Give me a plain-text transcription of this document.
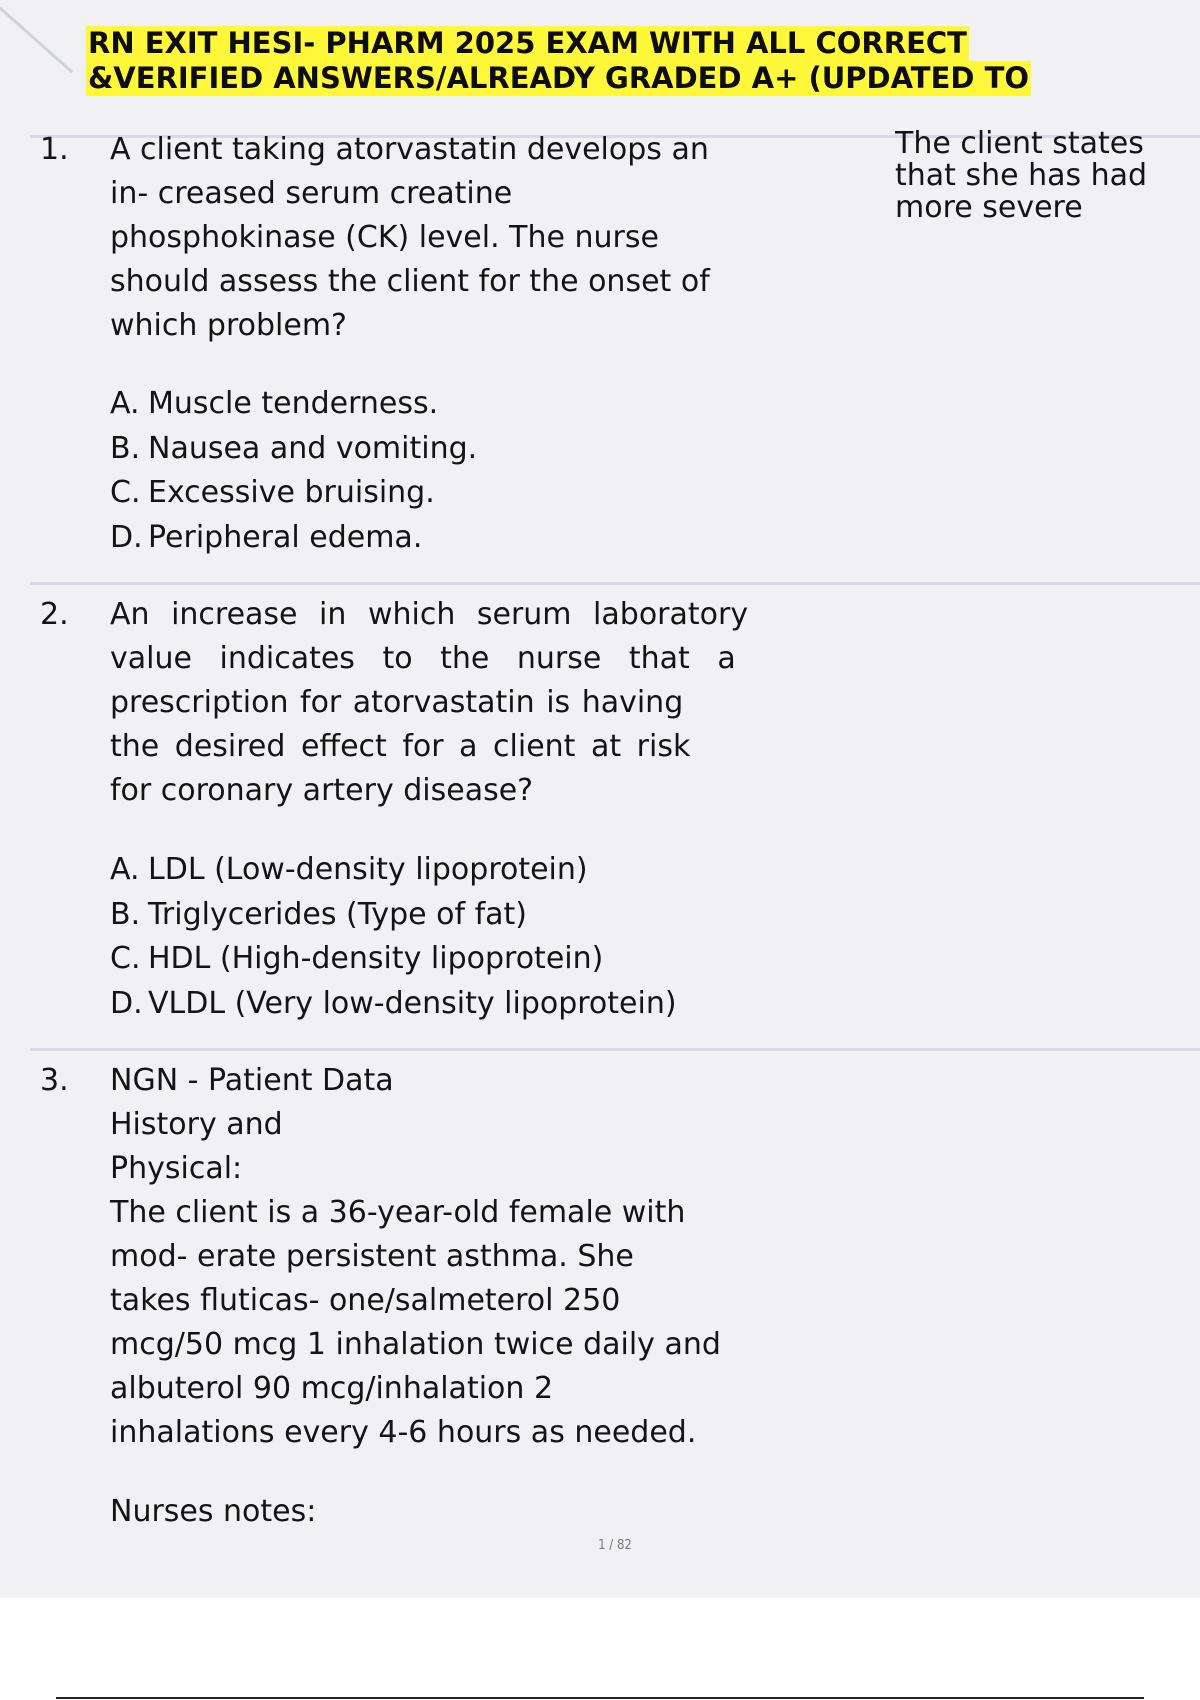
RN EXIT HESI- PHARM 2025 EXAM WITH ALL CORRECT
&VERIFIED ANSWERS/ALREADY GRADED A+ (UPDATED TO
The client states
that she has had
more severe
1. A client taking atorvastatin develops an
in- creased serum creatine
phosphokinase (CK) level. The nurse
should assess the client for the onset of
which problem?
A. Muscle tenderness.
B. Nausea and vomiting.
C. Excessive bruising.
D. Peripheral edema.
2. An increase in which serum laboratory
value indicates to the nurse that a
prescription for atorvastatin is having
the desired effect for a client at risk
for coronary artery disease?
A. LDL (Low-density lipoprotein)
B. Triglycerides (Type of fat)
C. HDL (High-density lipoprotein)
D. VLDL (Very low-density lipoprotein)
3. NGN - Patient Data
History and
Physical:
The client is a 36-year-old female with
mod- erate persistent asthma. She
takes fluticas- one/salmeterol 250
mcg/50 mcg 1 inhalation twice daily and
albuterol 90 mcg/inhalation 2
inhalations every 4-6 hours as needed.
Nurses notes:
1 / 82
